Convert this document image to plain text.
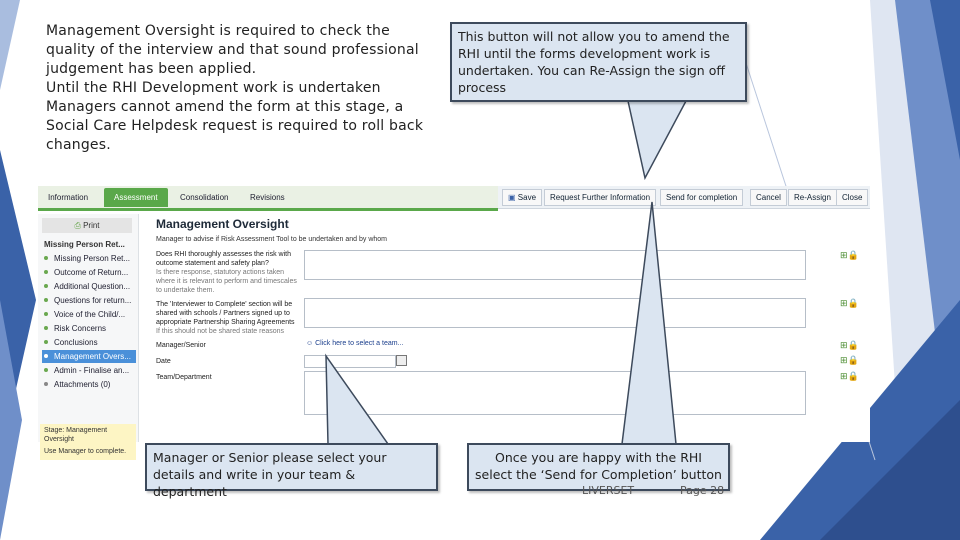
Management Oversight is required to check the quality of the interview and that sound professional judgement has been applied.
Until the RHI Development work is undertaken Managers cannot amend the form at this stage, a Social Care Helpdesk request is required to roll back changes.
Information	Assessment	Consolidation	Revisions	▣ Save	Request Further Information	Send for completion	Cancel	Re-Assign	Close
⎙ Print
Missing Person Ret...
Missing Person Ret...
Outcome of Return...
Additional Question...
Questions for return...
Voice of the Child/...
Risk Concerns
Conclusions
Management Overs...
Admin - Finalise an...
Attachments (0)
Stage: Management Oversight
Use Manager to complete.
Management Oversight
Manager to advise if Risk Assessment Tool to be undertaken and by whom
Does RHI thoroughly assesses the risk with outcome statement and safety plan?
Is there response, statutory actions taken where it is relevant to perform and timescales to undertake them.
⊞🔒
The 'Interviewer to Complete' section will be shared with schools / Partners signed up to appropriate Partnership Sharing Agreements
If this should not be shared state reasons
⊞🔒
Manager/Senior	☺ Click here to select a team...	⊞🔒
Date	⊞🔒
Team/Department	⊞🔒
This button will not allow you to amend the RHI until the forms development work is undertaken. You can Re-Assign the sign off process
Manager or Senior please select your details and write in your team & department
Once you are happy with the RHI select the ‘Send for Completion’ button
LIVERSET	Page 28
